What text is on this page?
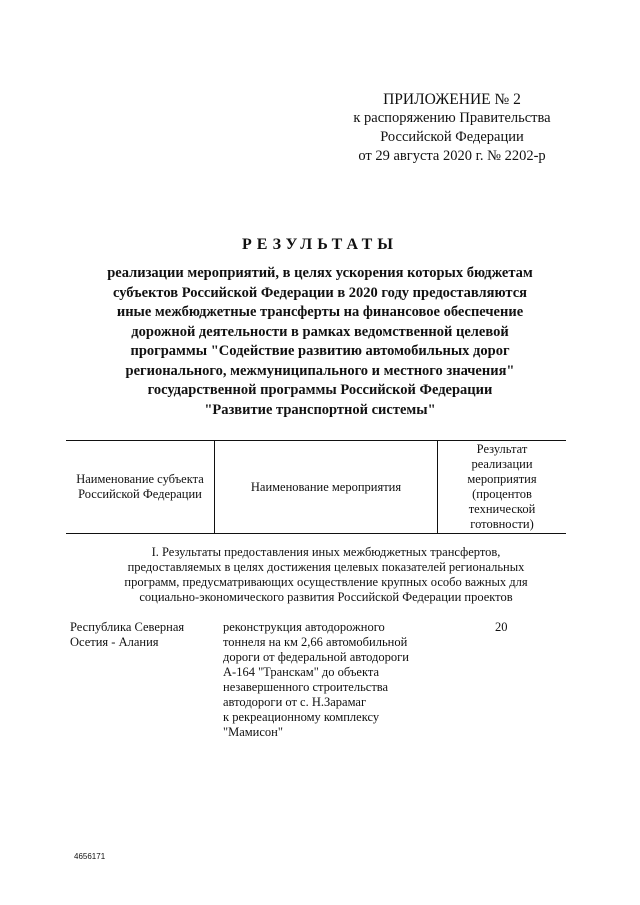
ПРИЛОЖЕНИЕ № 2
к распоряжению Правительства
Российской Федерации
от 29 августа 2020 г. № 2202-р
РЕЗУЛЬТАТЫ
реализации мероприятий, в целях ускорения которых бюджетам
субъектов Российской Федерации в 2020 году предоставляются
иные межбюджетные трансферты на финансовое обеспечение
дорожной деятельности в рамках ведомственной целевой
программы "Содействие развитию автомобильных дорог
регионального, межмуниципального и местного значения"
государственной программы Российской Федерации
"Развитие транспортной системы"
Наименование субъекта
Российской Федерации
Наименование мероприятия
Результат
реализации
мероприятия
(процентов
технической
готовности)
I. Результаты предоставления иных межбюджетных трансфертов,
предоставляемых в целях достижения целевых показателей региональных
программ, предусматривающих осуществление крупных особо важных для
социально-экономического развития Российской Федерации проектов
Республика Северная
Осетия - Алания
реконструкция автодорожного
тоннеля на км 2,66 автомобильной
дороги от федеральной автодороги
А-164 "Транскам" до объекта
незавершенного строительства
автодороги от с. Н.Зарамаг
к рекреационному комплексу
"Мамисон"
20
4656171
